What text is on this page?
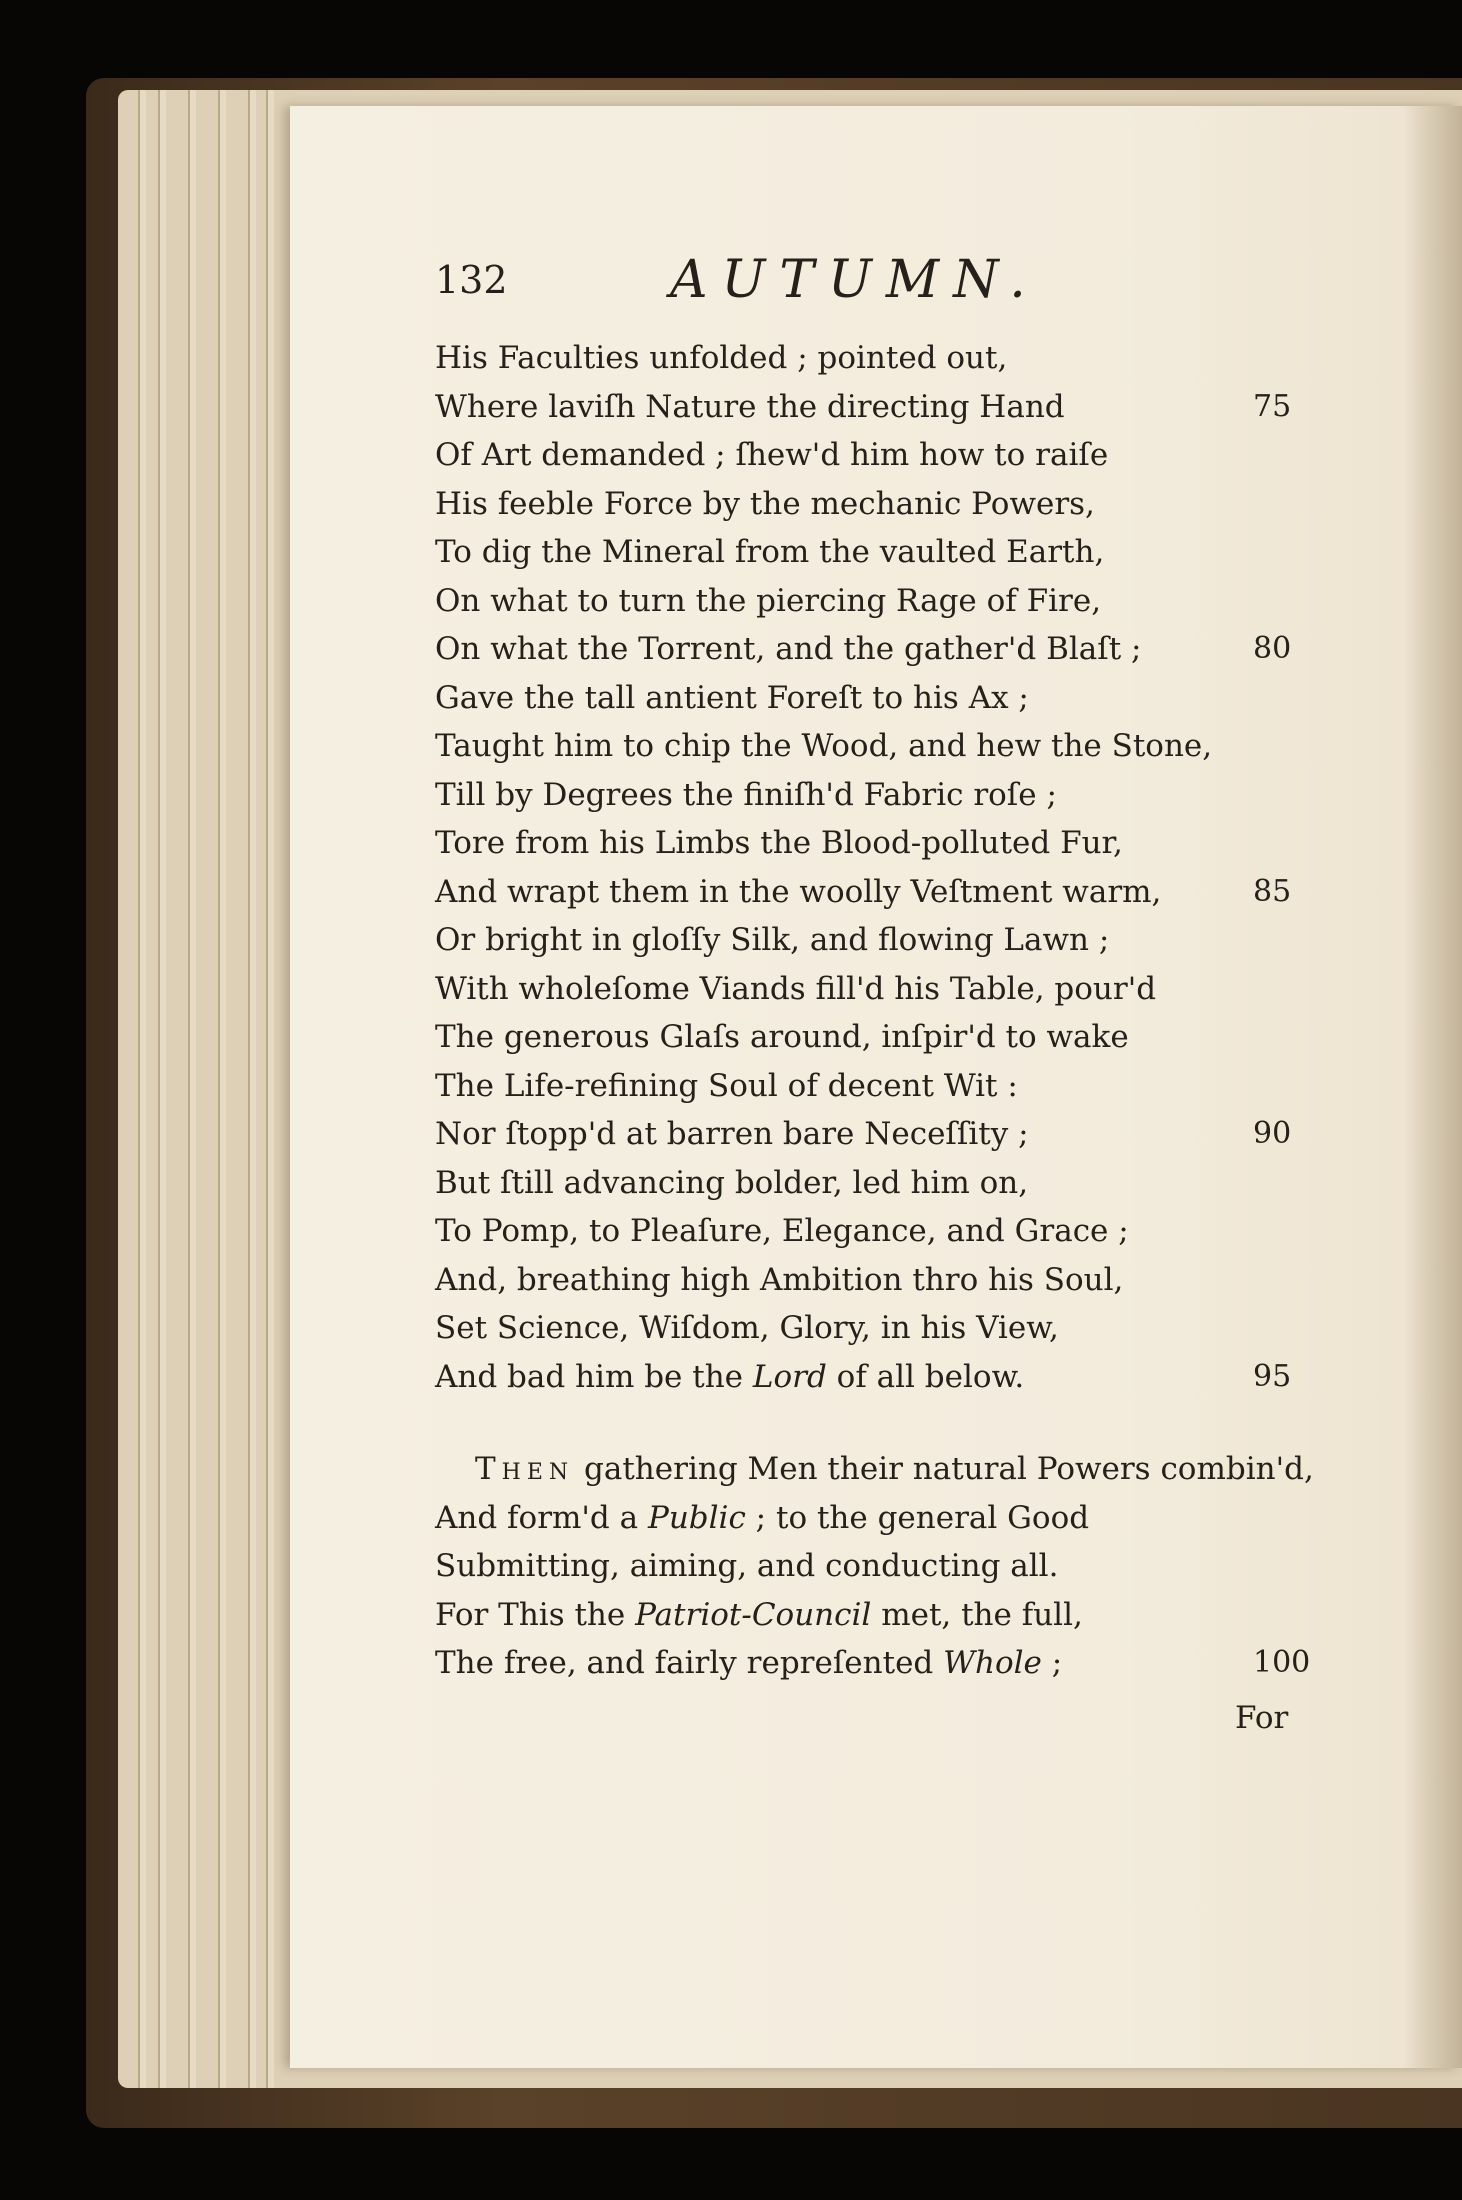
132	AUTUMN.
His Faculties unfolded ; pointed out,
Where laviſh Nature the directing Hand	75
Of Art demanded ; ſhew'd him how to raiſe
His feeble Force by the mechanic Powers,
To dig the Mineral from the vaulted Earth,
On what to turn the piercing Rage of Fire,
On what the Torrent, and the gather'd Blaſt ;	80
Gave the tall antient Foreſt to his Ax ;
Taught him to chip the Wood, and hew the Stone,
Till by Degrees the finiſh'd Fabric roſe ;
Tore from his Limbs the Blood-polluted Fur,
And wrapt them in the woolly Veſtment warm,	85
Or bright in gloſſy Silk, and flowing Lawn ;
With wholeſome Viands fill'd his Table, pour'd
The generous Glaſs around, inſpir'd to wake
The Life-refining Soul of decent Wit :
Nor ſtopp'd at barren bare Neceſſity ;	90
But ſtill advancing bolder, led him on,
To Pomp, to Pleaſure, Elegance, and Grace ;
And, breathing high Ambition thro his Soul,
Set Science, Wiſdom, Glory, in his View,
And bad him be the Lord of all below.	95
Then gathering Men their natural Powers combin'd,
And form'd a Public ; to the general Good
Submitting, aiming, and conducting all.
For This the Patriot-Council met, the full,
The free, and fairly repreſented Whole ;	100
For
